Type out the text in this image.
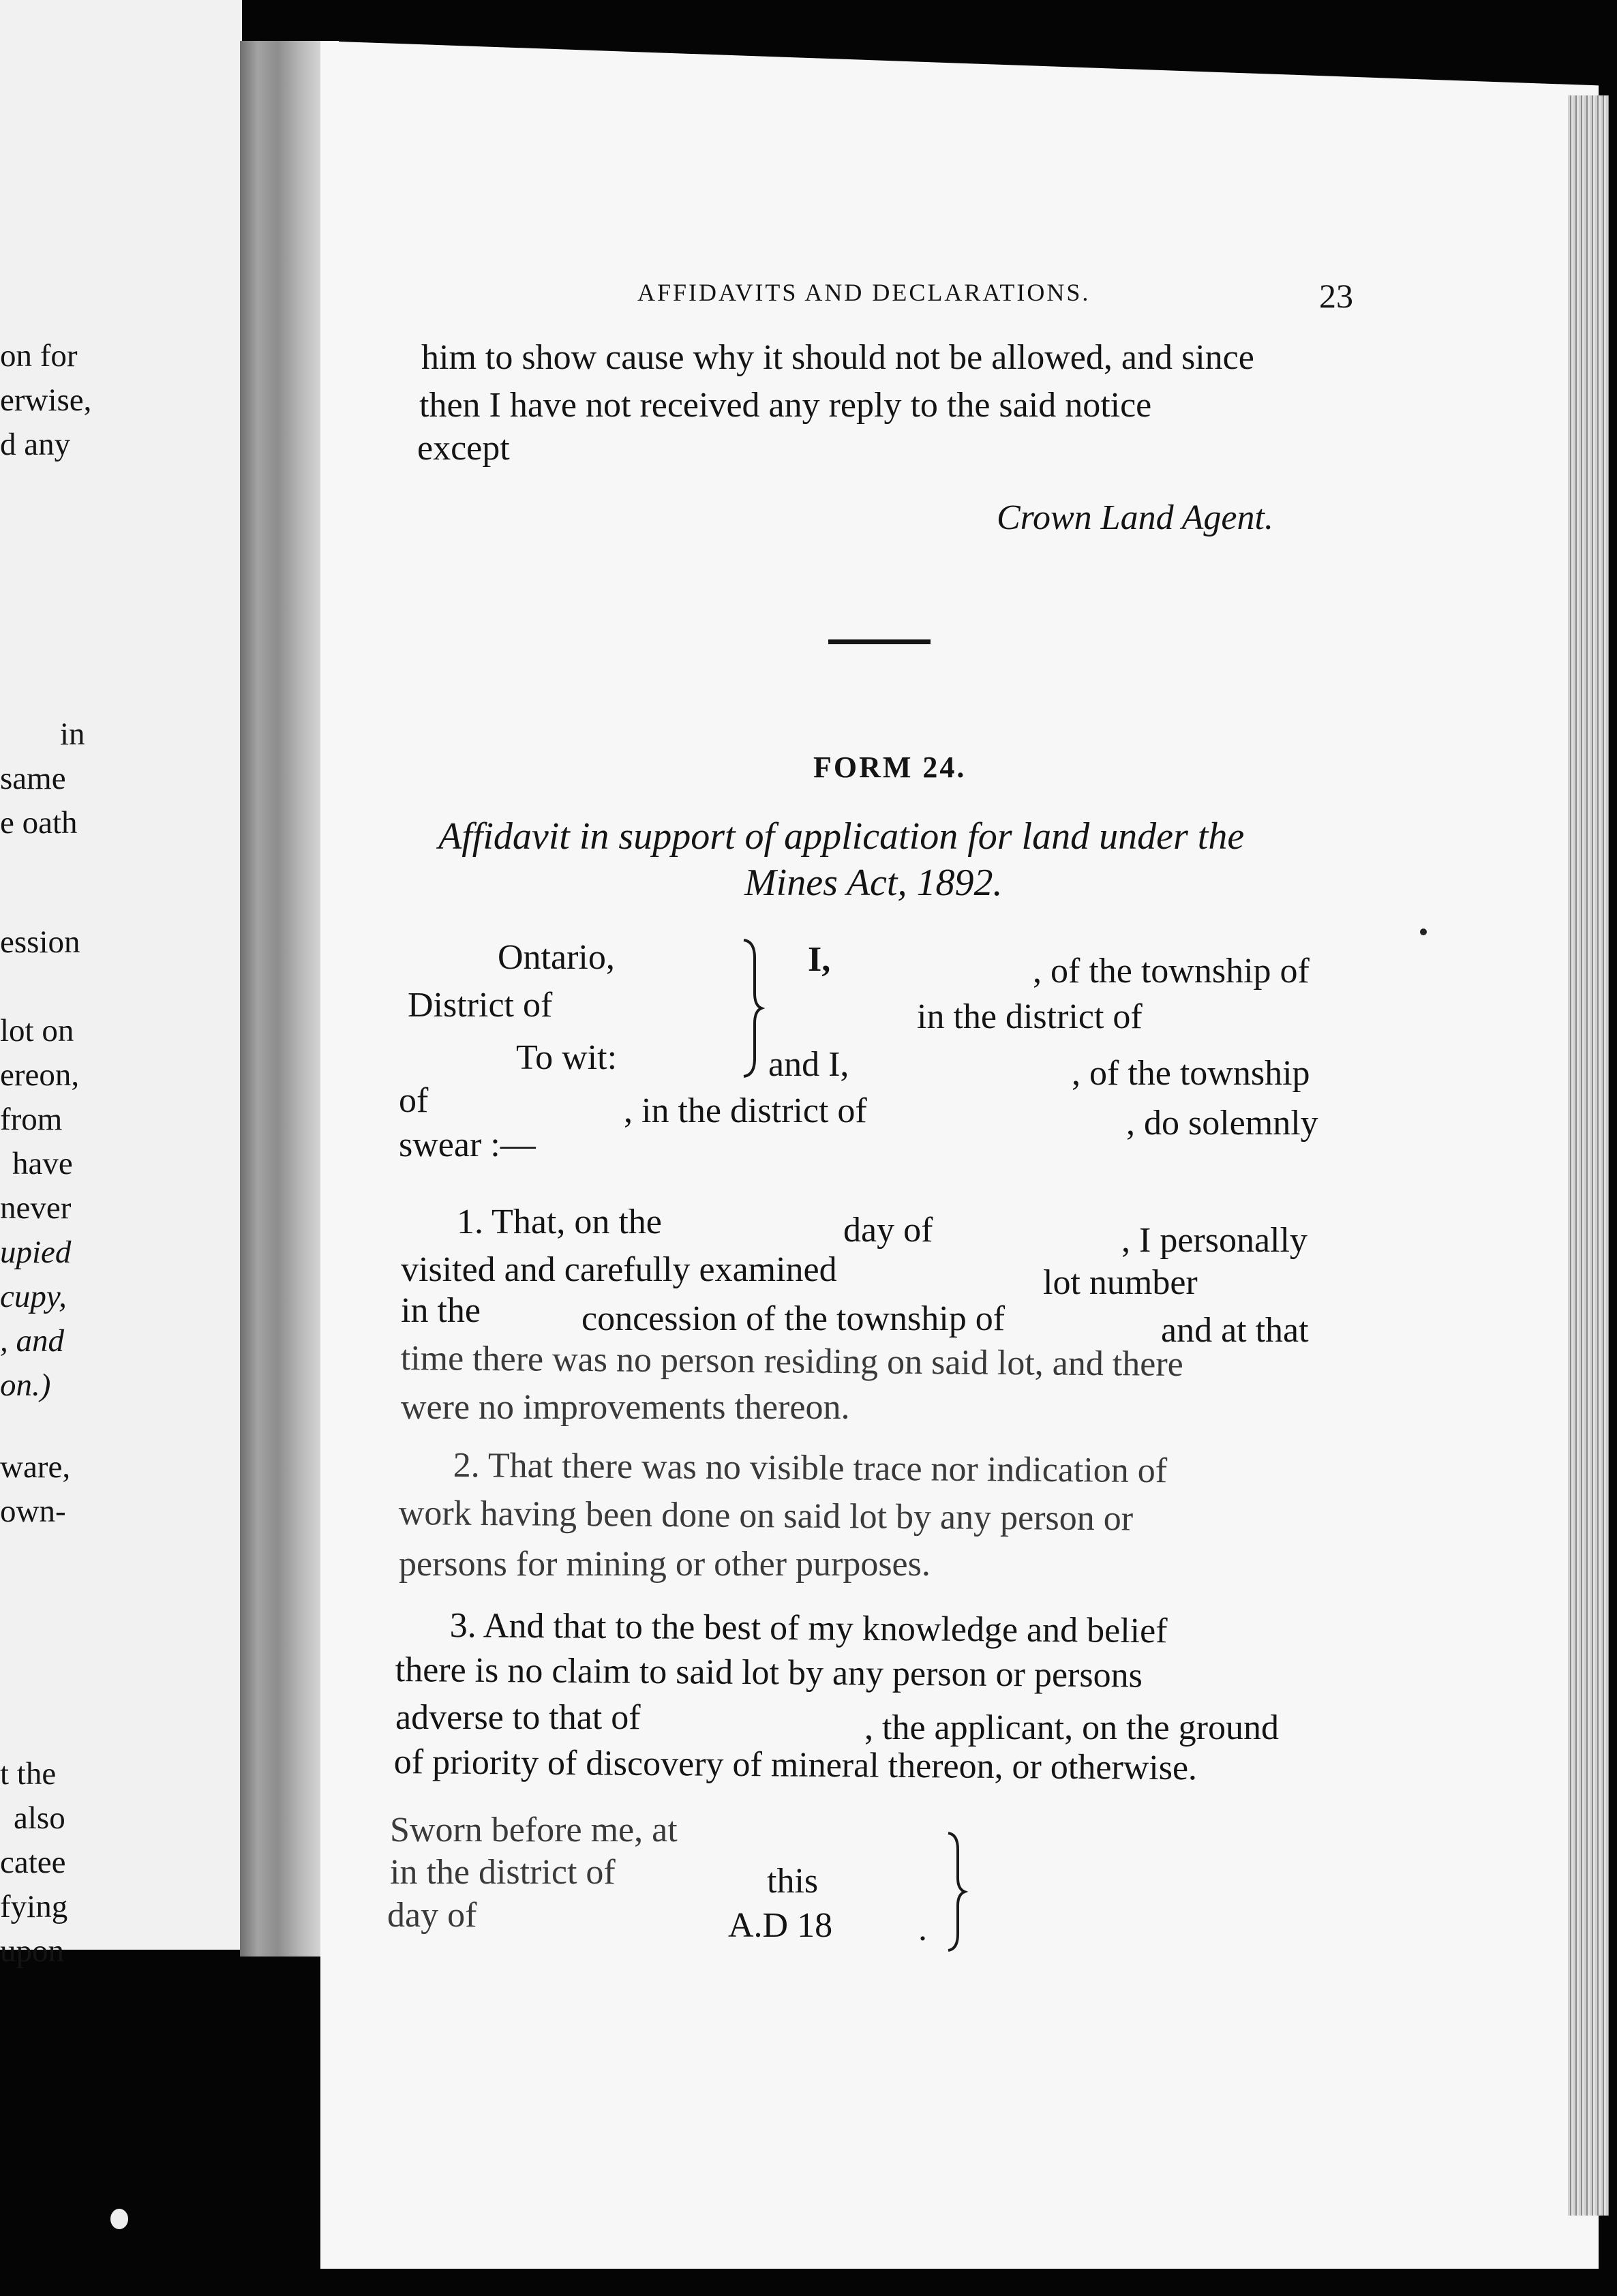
on for
erwise,
d any
in
same
e oath
ession
lot on
ereon,
from
have
never
upied
cupy,
, and
on.)
ware,
own-
t the
also
catee
fying
upon
AFFIDAVITS AND DECLARATIONS.	23
him to show cause why it should not be allowed, and since
then I have not received any reply to the said notice
except
Crown Land Agent.
FORM 24.
Affidavit in support of application for land under the
Mines Act, 1892.
Ontario,
District of
To wit:
I,	, of the township of
in the district of
and I,	, of the township
of	, in the district of	, do solemnly
swear :—
1. That, on the	day of	, I personally
visited and carefully examined	lot number
in the	concession of the township of	and at that
time there was no person residing on said lot, and there
were no improvements thereon.
2. That there was no visible trace nor indication of
work having been done on said lot by any person or
persons for mining or other purposes.
3. And that to the best of my knowledge and belief
there is no claim to said lot by any person or persons
adverse to that of	, the applicant, on the ground
of priority of discovery of mineral thereon, or otherwise.
Sworn before me, at
in the district of	this
day of	A.D 18 .
